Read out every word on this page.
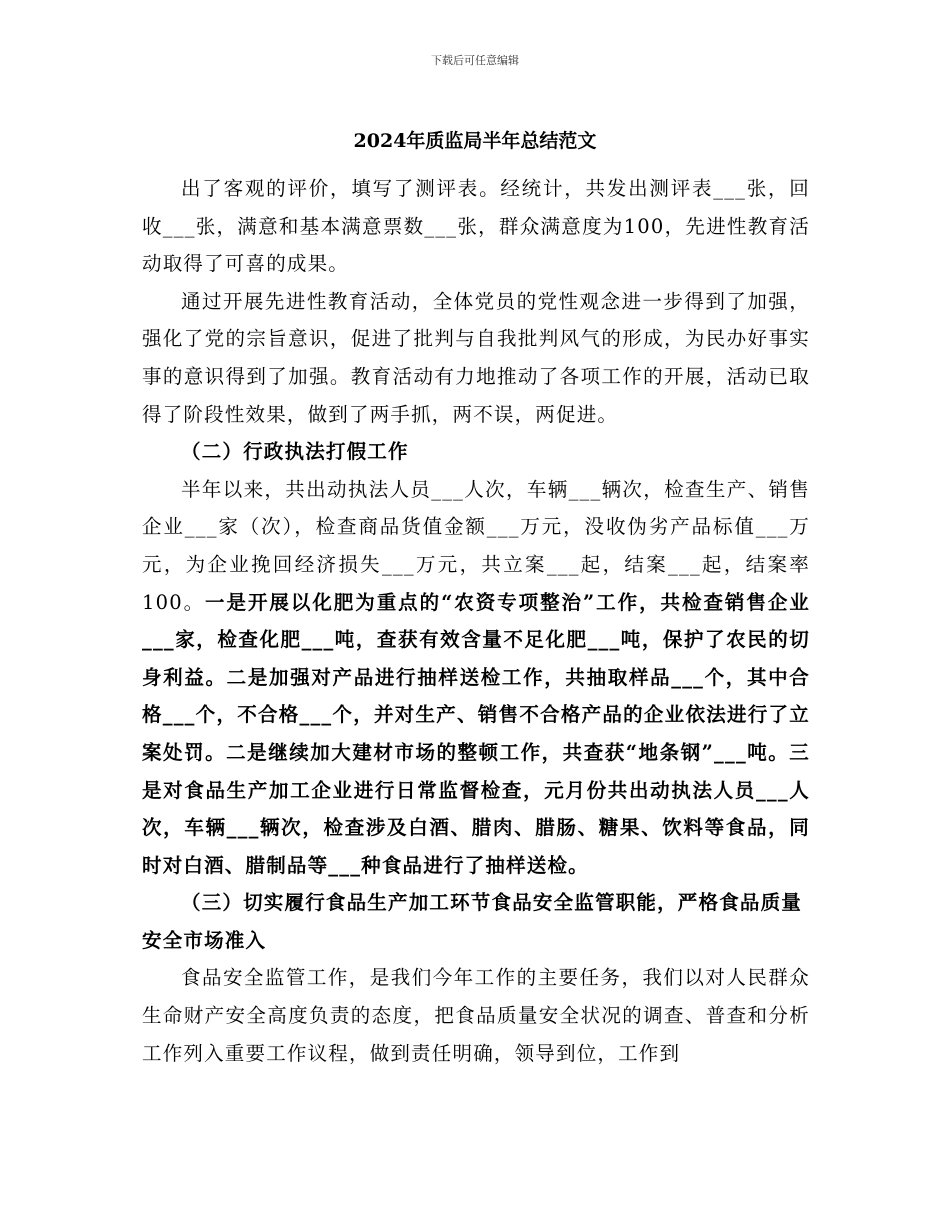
下载后可任意编辑
2024年质监局半年总结范文

出了客观的评价，填写了测评表。经统计，共发出测评表___张，回收___张，满意和基本满意票数___张，群众满意度为100，先进性教育活动取得了可喜的成果。

通过开展先进性教育活动，全体党员的党性观念进一步得到了加强，强化了党的宗旨意识，促进了批判与自我批判风气的形成，为民办好事实事的意识得到了加强。教育活动有力地推动了各项工作的开展，活动已取得了阶段性效果，做到了两手抓，两不误，两促进。

（二）行政执法打假工作

半年以来，共出动执法人员___人次，车辆___辆次，检查生产、销售企业___家（次），检查商品货值金额___万元，没收伪劣产品标值___万元，为企业挽回经济损失___万元，共立案___起，结案___起，结案率100。一是开展以化肥为重点的“农资专项整治”工作，共检查销售企业___家，检查化肥___吨，查获有效含量不足化肥___吨，保护了农民的切身利益。二是加强对产品进行抽样送检工作，共抽取样品___个，其中合格___个，不合格___个，并对生产、销售不合格产品的企业依法进行了立案处罚。二是继续加大建材市场的整顿工作，共查获“地条钢”___吨。三是对食品生产加工企业进行日常监督检查，元月份共出动执法人员___人次，车辆___辆次，检查涉及白酒、腊肉、腊肠、糖果、饮料等食品，同时对白酒、腊制品等___种食品进行了抽样送检。

（三）切实履行食品生产加工环节食品安全监管职能，严格食品质量安全市场准入

食品安全监管工作，是我们今年工作的主要任务，我们以对人民群众生命财产安全高度负责的态度，把食品质量安全状况的调查、普查和分析工作列入重要工作议程，做到责任明确，领导到位，工作到
